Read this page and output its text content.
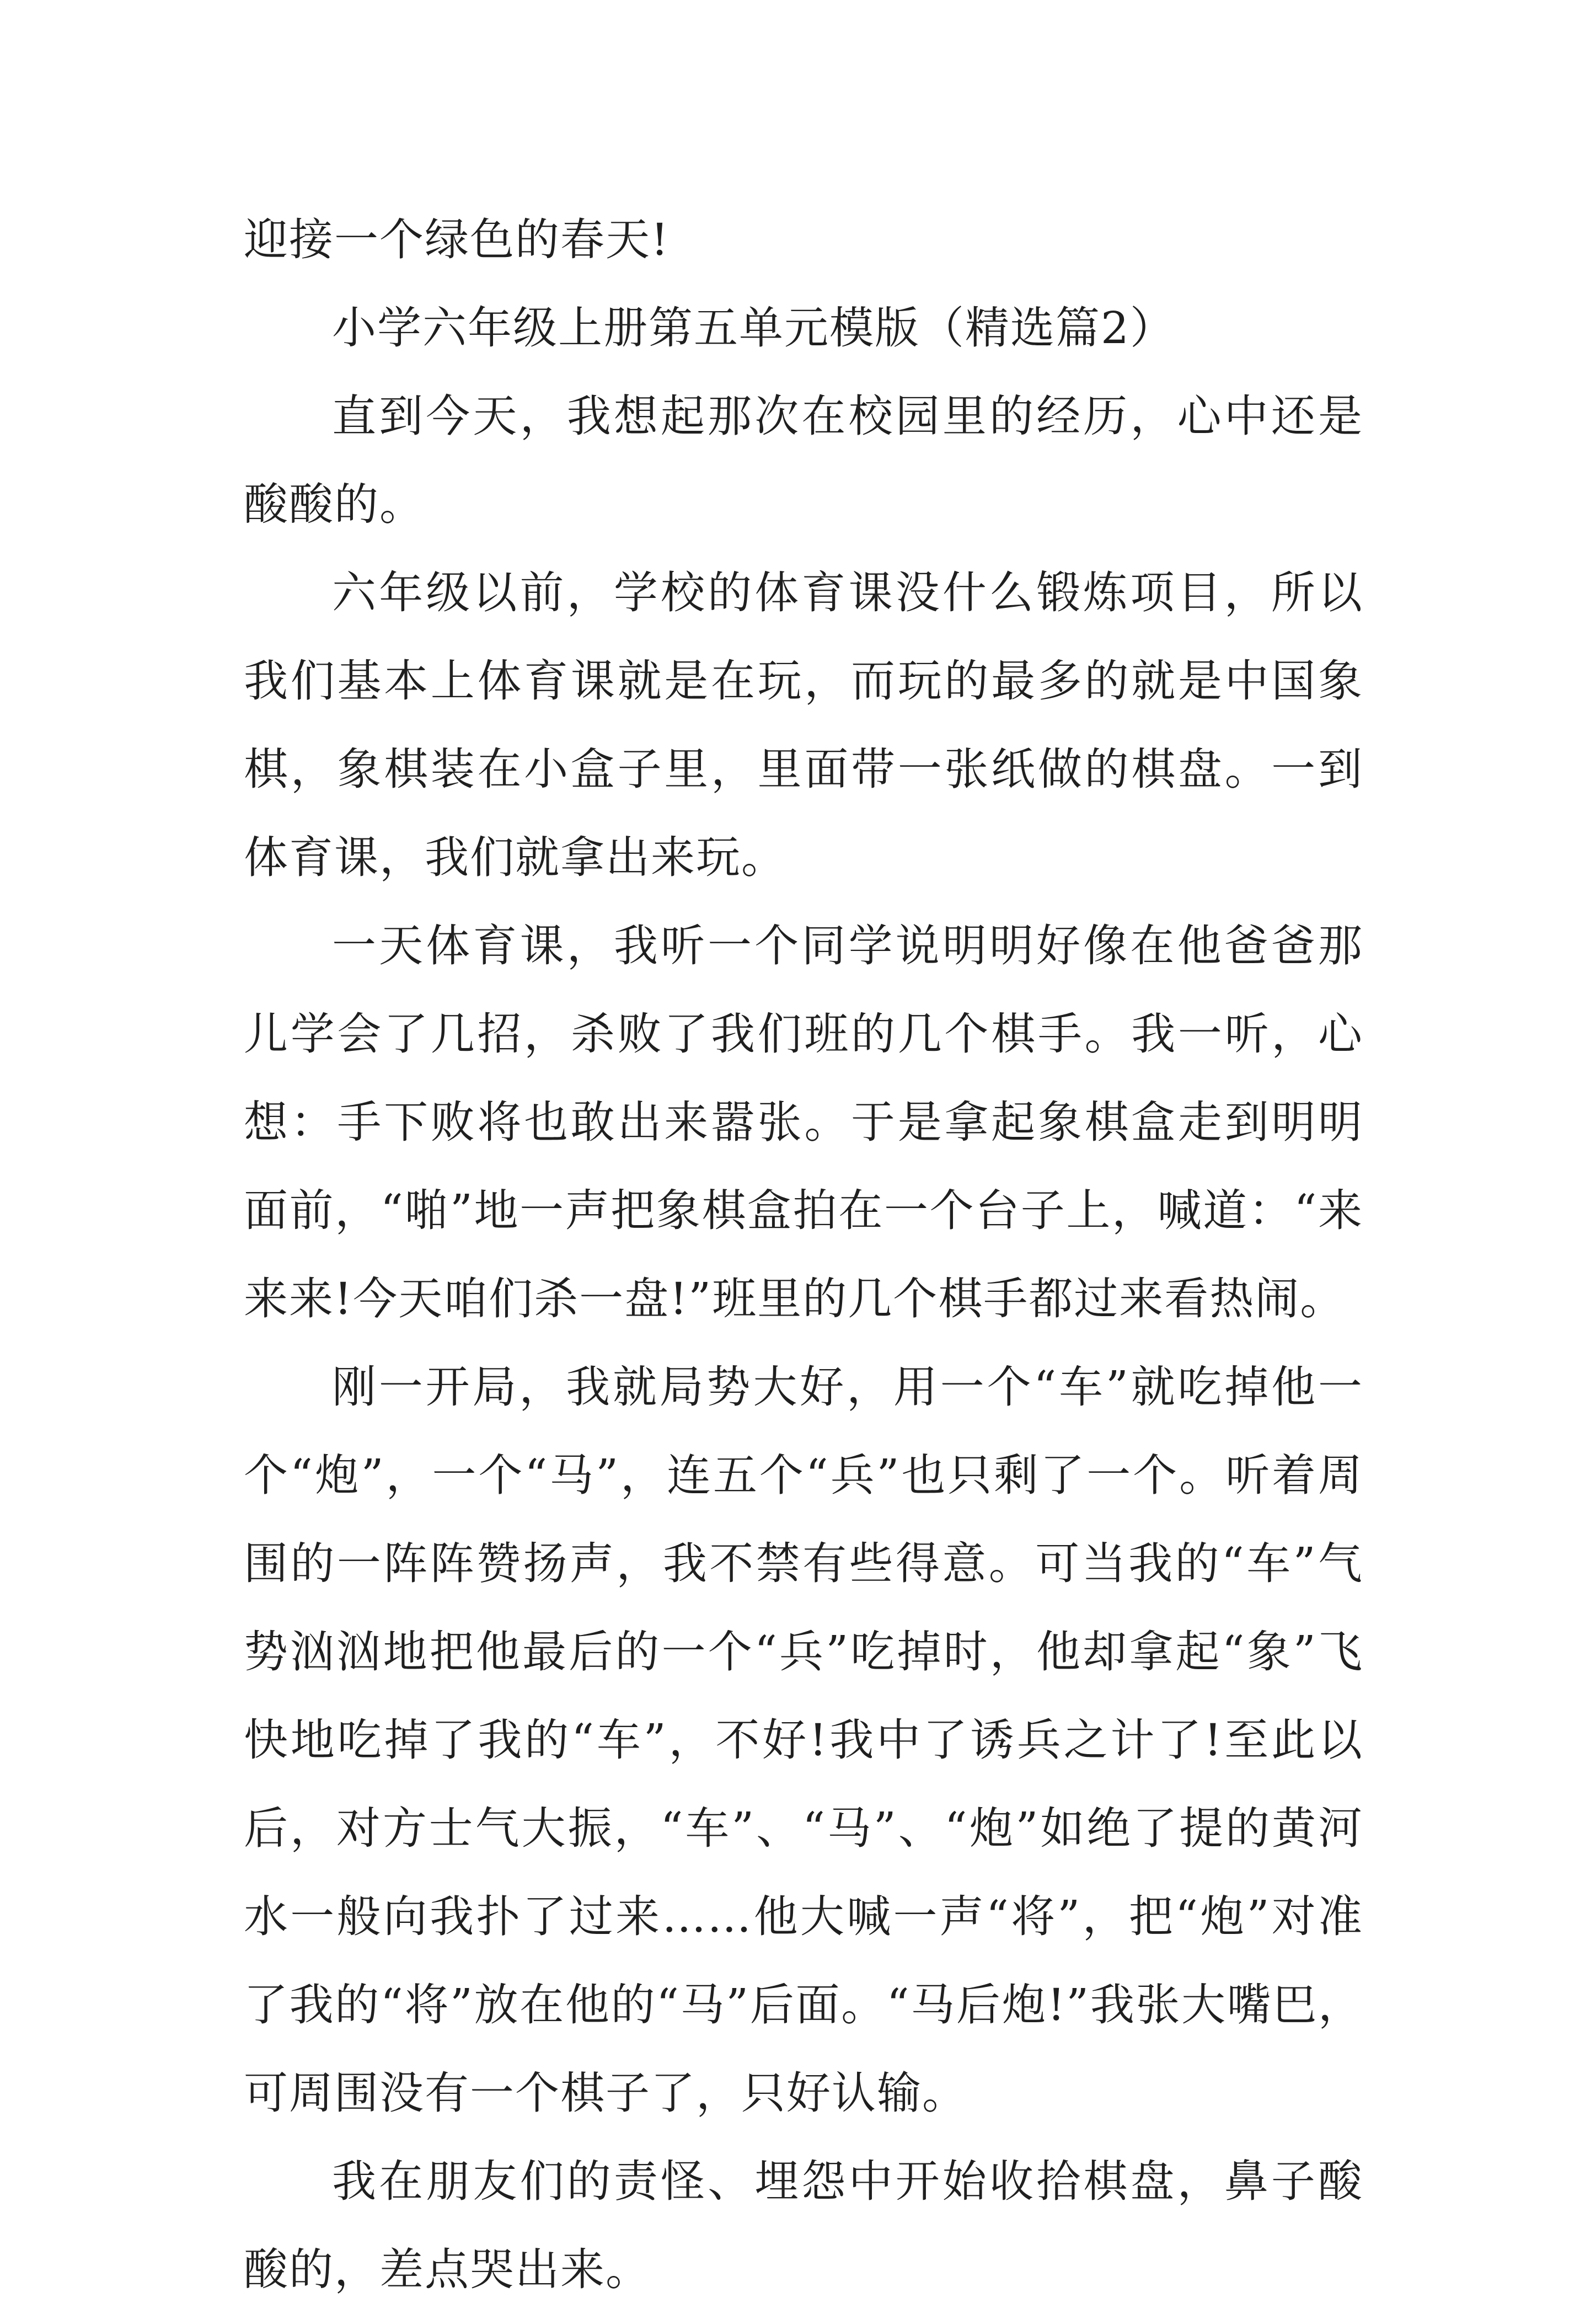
迎接一个绿色的春天!

小学六年级上册第五单元模版（精选篇2）

直到今天，我想起那次在校园里的经历，心中还是酸酸的。

六年级以前，学校的体育课没什么锻炼项目，所以我们基本上体育课就是在玩，而玩的最多的就是中国象棋，象棋装在小盒子里，里面带一张纸做的棋盘。一到体育课，我们就拿出来玩。

一天体育课，我听一个同学说明明好像在他爸爸那儿学会了几招，杀败了我们班的几个棋手。我一听，心想：手下败将也敢出来嚣张。于是拿起象棋盒走到明明面前，“啪”地一声把象棋盒拍在一个台子上，喊道：“来来来!今天咱们杀一盘!”班里的几个棋手都过来看热闹。

刚一开局，我就局势大好，用一个“车”就吃掉他一个“炮”，一个“马”，连五个“兵”也只剩了一个。听着周围的一阵阵赞扬声，我不禁有些得意。可当我的“车”气势汹汹地把他最后的一个“兵”吃掉时，他却拿起“象”飞快地吃掉了我的“车”，不好!我中了诱兵之计了!至此以后，对方士气大振，“车”、“马”、“炮”如绝了提的黄河水一般向我扑了过来……他大喊一声“将”，把“炮”对准了我的“将”放在他的“马”后面。“马后炮!”我张大嘴巴，可周围没有一个棋子了，只好认输。

我在朋友们的责怪、埋怨中开始收拾棋盘，鼻子酸酸的，差点哭出来。
